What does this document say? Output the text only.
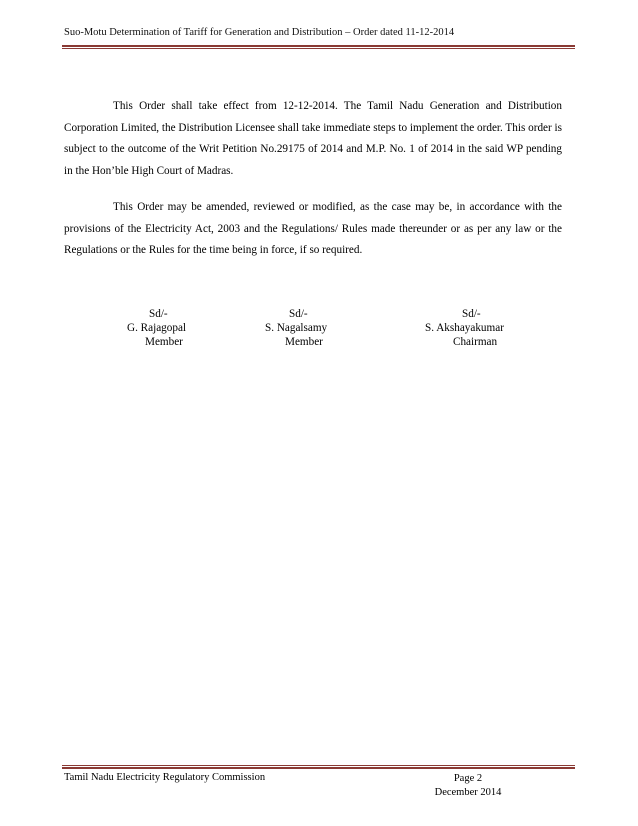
Suo-Motu Determination of Tariff for Generation and Distribution – Order dated 11-12-2014

This Order shall take effect from 12-12-2014. The Tamil Nadu Generation and Distribution Corporation Limited, the Distribution Licensee shall take immediate steps to implement the order. This order is subject to the outcome of the Writ Petition No.29175 of 2014 and M.P. No. 1 of 2014 in the said WP pending in the Hon’ble High Court of Madras.

This Order may be amended, reviewed or modified, as the case may be, in accordance with the provisions of the Electricity Act, 2003 and the Regulations/ Rules made thereunder or as per any law or the Regulations or the Rules for the time being in force, if so required.

Sd/-
G. Rajagopal
Member
Sd/-
S. Nagalsamy
Member
Sd/-
S. Akshayakumar
Chairman
Tamil Nadu Electricity Regulatory Commission	Page 2
December 2014
